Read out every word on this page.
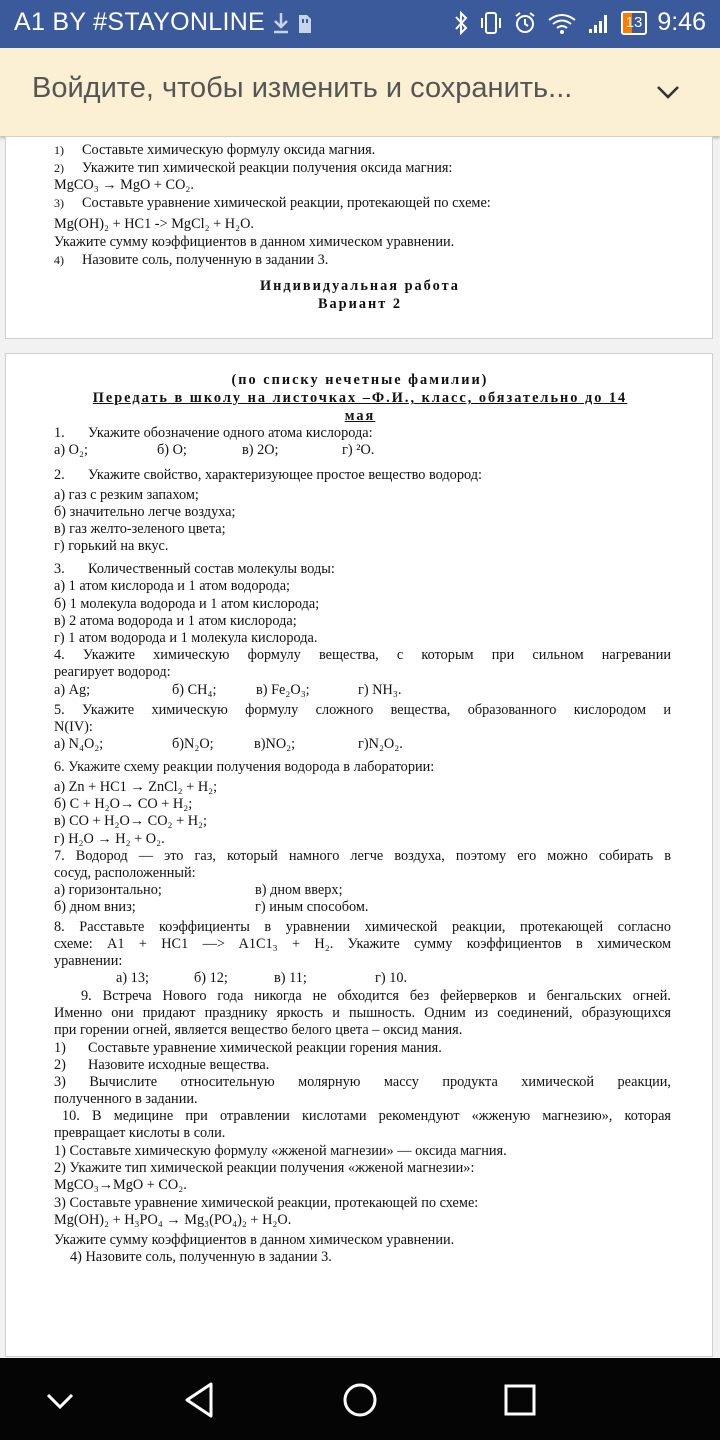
A1 BY #STAYONLINE	13 9:46
Войдите, чтобы изменить и сохранить...
1) Составьте химическую формулу оксида магния.
2) Укажите тип химической реакции получения оксида магния:
MgCO₃ → MgO + CO₂.
3) Составьте уравнение химической реакции, протекающей по схеме:
Mg(OH)₂ + HC1 -> MgCl₂ + H₂O.
Укажите сумму коэффициентов в данном химическом уравнении.
4) Назовите соль, полученную в задании 3.
Индивидуальная работа
Вариант 2
(по списку нечетные фамилии)
Передать в школу на листочках –Ф.И., класс, обязательно до 14
мая
1. Укажите обозначение одного атома кислорода:
а) O₂;	б) O;	в) 2O;	г) ²O.
2. Укажите свойство, характеризующее простое вещество водород:
а) газ с резким запахом;
б) значительно легче воздуха;
в) газ желто-зеленого цвета;
г) горький на вкус.
3. Количественный состав молекулы воды:
а) 1 атом кислорода и 1 атом водорода;
б) 1 молекула водорода и 1 атом кислорода;
в) 2 атома водорода и 1 атом кислорода;
г) 1 атом водорода и 1 молекула кислорода.
4. Укажите химическую формулу вещества, с которым при сильном нагревании
реагирует водород:
а) Ag;	б) CH₄;	в) Fe₂O₃;	г) NH₃.
5. Укажите химическую формулу сложного вещества, образованного кислородом и
N(IV):
а) N₄O₂;	б)N₂O;	в)NO₂;	г)N₂O₂.
6. Укажите схему реакции получения водорода в лаборатории:
а) Zn + HC1 → ZnCl₂ + H₂;
б) C + H₂O→ CO + H₂;
в) CO + H₂O→ CO₂ + H₂;
г) H₂O → H₂ + O₂.
7. Водород — это газ, который намного легче воздуха, поэтому его можно собирать в
сосуд, расположенный:
а) горизонтально;	в) дном вверх;
б) дном вниз;	г) иным способом.
8. Расставьте коэффициенты в уравнении химической реакции, протекающей согласно
схеме: A1 + HC1 —> A1C1₃ + H₂. Укажите сумму коэффициентов в химическом
уравнении:
а) 13;	б) 12;	в) 11;	г) 10.
9. Встреча Нового года никогда не обходится без фейерверков и бенгальских огней.
Именно они придают празднику яркость и пышность. Одним из соединений, образующихся
при горении огней, является вещество белого цвета – оксид мания.
1) Составьте уравнение химической реакции горения мания.
2) Назовите исходные вещества.
3) Вычислите относительную молярную массу продукта химической реакции,
полученного в задании.
10. В медицине при отравлении кислотами рекомендуют «жженую магнезию», которая
превращает кислоты в соли.
1) Составьте химическую формулу «жженой магнезии» — оксида магния.
2) Укажите тип химической реакции получения «жженой магнезии»:
MgCO₃→MgO + CO₂.
3) Составьте уравнение химической реакции, протекающей по схеме:
Mg(OH)₂ + H₃PO₄ → Mg₃(PO₄)₂ + H₂O.
Укажите сумму коэффициентов в данном химическом уравнении.
4) Назовите соль, полученную в задании 3.
